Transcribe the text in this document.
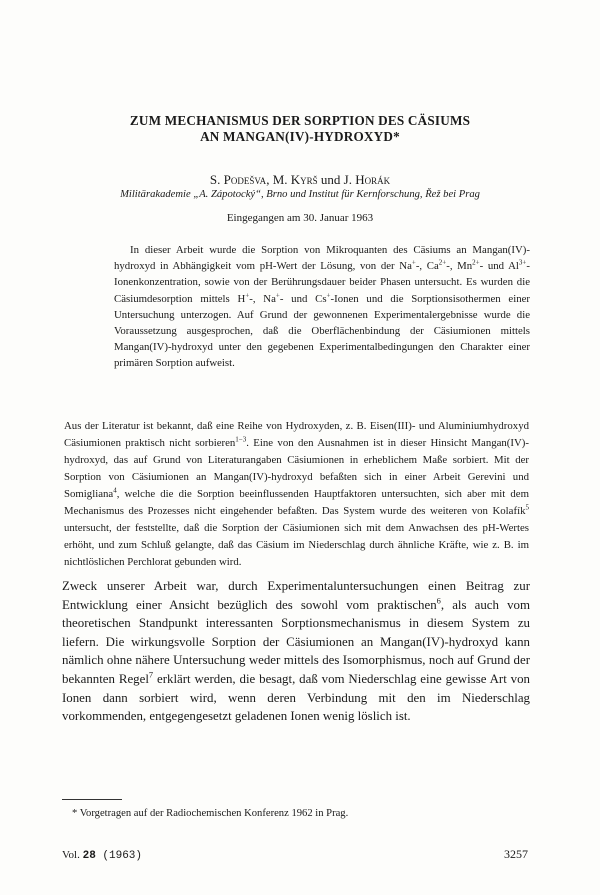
ZUM MECHANISMUS DER SORPTION DES CÄSIUMS
AN MANGAN(IV)-HYDROXYD*
S. Podešva, M. Kyrš und J. Horák
Militärakademie „A. Zápotocký“, Brno und Institut für Kernforschung, Řež bei Prag
Eingegangen am 30. Januar 1963

In dieser Arbeit wurde die Sorption von Mikroquanten des Cäsiums an Mangan(IV)-hydroxyd in Abhängigkeit vom pH-Wert der Lösung, von der Na+-, $Ca^{2+}-$, $Mn^{2+}-$ und $Al^{3+}$-Ionenkonzentration, sowie von der Berührungsdauer beider Phasen untersucht. Es wurden die Cäsiumdesorption mittels H+-, Na+- und Cs+-Ionen und die Sorptionsisothermen einer Untersuchung unterzogen. Auf Grund der gewonnenen Experimentalergebnisse wurde die Voraussetzung ausgesprochen, daß die Oberflächenbindung der Cäsiumionen mittels Mangan(IV)-hydroxyd unter den gegebenen Experimentalbedingungen den Charakter einer primären Sorption aufweist.

Aus der Literatur ist bekannt, daß eine Reihe von Hydroxyden, z. B. Eisen(III)- und Aluminiumhydroxyd Cäsiumionen praktisch nicht sorbieren$^{1-3}$. Eine von den Ausnahmen ist in dieser Hinsicht Mangan(IV)-hydroxyd, das auf Grund von Literaturangaben Cäsiumionen in erheblichem Maße sorbiert. Mit der Sorption von Cäsiumionen an Mangan(IV)-hydroxyd befaßten sich in einer Arbeit Gerevini und Somigliana$^4$, welche die die Sorption beeinflussenden Hauptfaktoren untersuchten, sich aber mit dem Mechanismus des Prozesses nicht eingehender befaßten. Das System wurde des weiteren von Kolafík$^5$ untersucht, der feststellte, daß die Sorption der Cäsiumionen sich mit dem Anwachsen des pH-Wertes erhöht, und zum Schluß gelangte, daß das Cäsium im Niederschlag durch ähnliche Kräfte, wie z. B. im nichtlöslichen Perchlorat gebunden wird.

Zweck unserer Arbeit war, durch Experimentaluntersuchungen einen Beitrag zur Entwicklung einer Ansicht bezüglich des sowohl vom praktischen$^6$, als auch vom theoretischen Standpunkt interessanten Sorptionsmechanismus in diesem System zu liefern. Die wirkungsvolle Sorption der Cäsiumionen an Mangan(IV)-hydroxyd kann nämlich ohne nähere Untersuchung weder mittels des Isomorphismus, noch auf Grund der bekannten Regel$^7$ erklärt werden, die besagt, daß vom Niederschlag eine gewisse Art von Ionen dann sorbiert wird, wenn deren Verbindung mit den im Niederschlag vorkommenden, entgegengesetzt geladenen Ionen wenig löslich ist.

* Vorgetragen auf der Radiochemischen Konferenz 1962 in Prag.
Vol. 28 (1963)	3257
